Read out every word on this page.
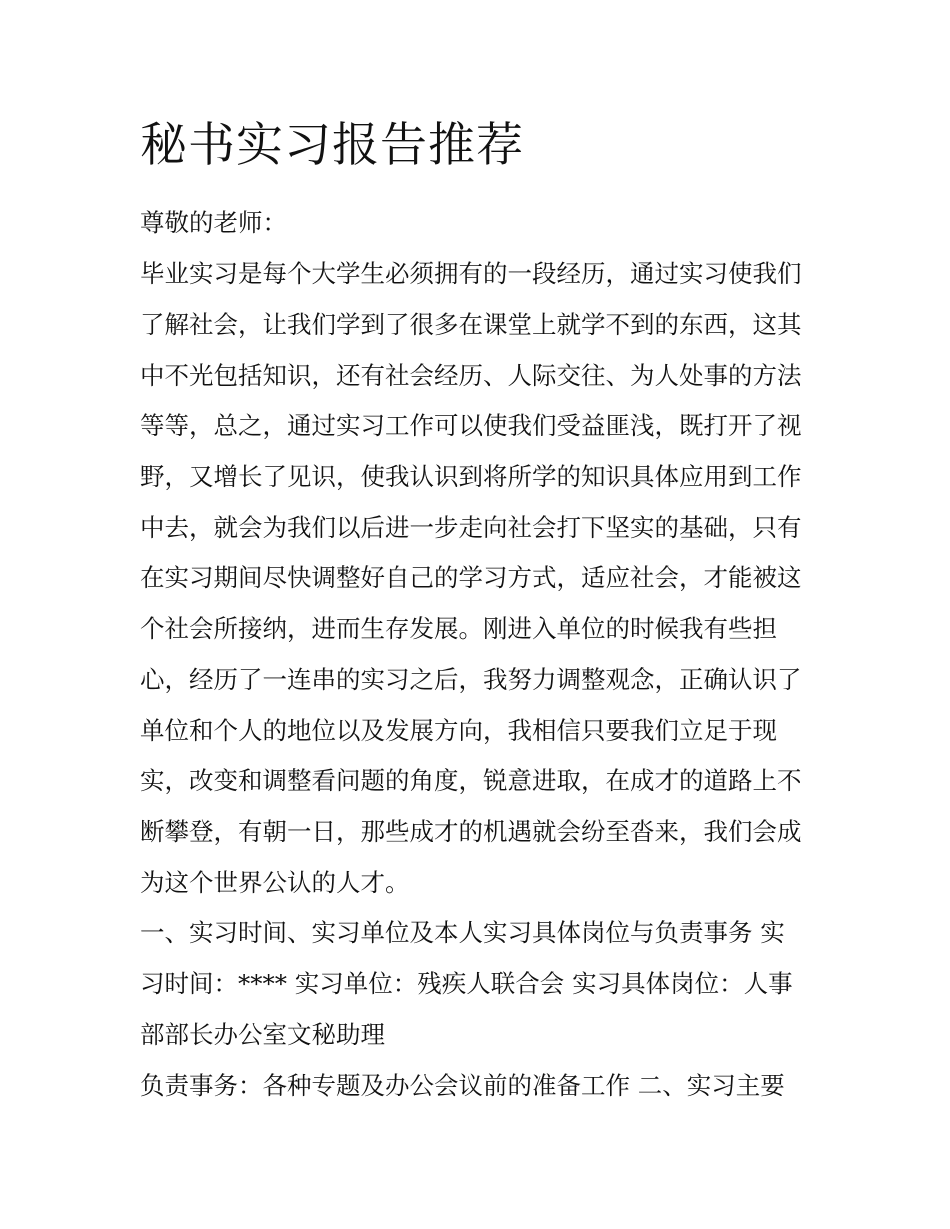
秘书实习报告推荐
尊敬的老师：
毕业实习是每个大学生必须拥有的一段经历，通过实习使我们
了解社会，让我们学到了很多在课堂上就学不到的东西，这其
中不光包括知识，还有社会经历、人际交往、为人处事的方法
等等，总之，通过实习工作可以使我们受益匪浅，既打开了视
野，又增长了见识，使我认识到将所学的知识具体应用到工作
中去，就会为我们以后进一步走向社会打下坚实的基础，只有
在实习期间尽快调整好自己的学习方式，适应社会，才能被这
个社会所接纳，进而生存发展。刚进入单位的时候我有些担
心，经历了一连串的实习之后，我努力调整观念，正确认识了
单位和个人的地位以及发展方向，我相信只要我们立足于现
实，改变和调整看问题的角度，锐意进取，在成才的道路上不
断攀登，有朝一日，那些成才的机遇就会纷至沓来，我们会成
为这个世界公认的人才。
一、实习时间、实习单位及本人实习具体岗位与负责事务 实
习时间：**** 实习单位：残疾人联合会 实习具体岗位：人事
部部长办公室文秘助理
负责事务：各种专题及办公会议前的准备工作 二、实习主要
